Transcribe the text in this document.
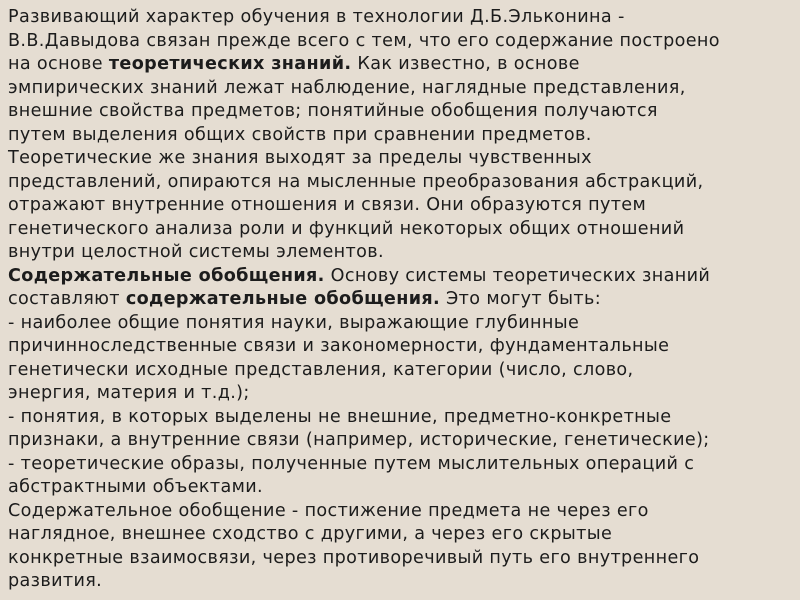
Развивающий характер обучения в технологии Д.Б.Эльконина -
В.В.Давыдова связан прежде всего с тем, что его содержание построено
на основе теоретических знаний. Как известно, в основе
эмпирических знаний лежат наблюдение, наглядные представления,
внешние свойства предметов; понятийные обобщения получаются
путем выделения общих свойств при сравнении предметов.
Теоретические же знания выходят за пределы чувственных
представлений, опираются на мысленные преобразования абстракций,
отражают внутренние отношения и связи. Они образуются путем
генетического анализа роли и функций некоторых общих отношений
внутри целостной системы элементов.
Содержательные обобщения. Основу системы теоретических знаний
составляют содержательные обобщения. Это могут быть:
- наиболее общие понятия науки, выражающие глубинные
причинноследственные связи и закономерности, фундаментальные
генетически исходные представления, категории (число, слово,
энергия, материя и т.д.);
- понятия, в которых выделены не внешние, предметно-конкретные
признаки, а внутренние связи (например, исторические, генетические);
- теоретические образы, полученные путем мыслительных операций с
абстрактными объектами.
Содержательное обобщение - постижение предмета не через его
наглядное, внешнее сходство с другими, а через его скрытые
конкретные взаимосвязи, через противоречивый путь его внутреннего
развития.
